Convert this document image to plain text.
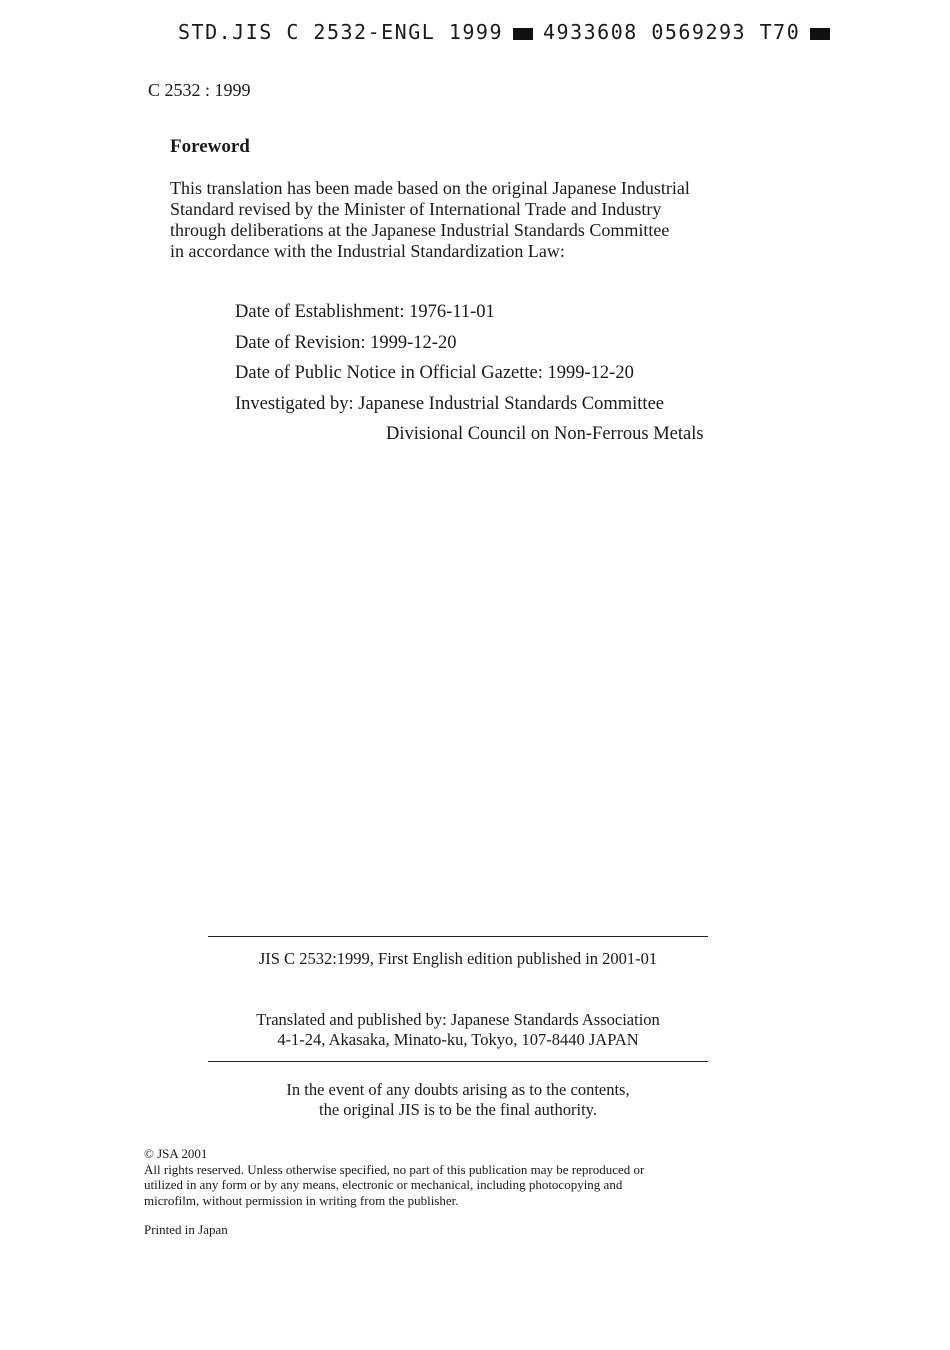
STD.JIS C 2532-ENGL 1999 4933608 0569293 T70
C 2532 : 1999
Foreword
This translation has been made based on the original Japanese Industrial
Standard revised by the Minister of International Trade and Industry
through deliberations at the Japanese Industrial Standards Committee
in accordance with the Industrial Standardization Law:
Date of Establishment: 1976-11-01
Date of Revision: 1999-12-20
Date of Public Notice in Official Gazette: 1999-12-20
Investigated by: Japanese Industrial Standards Committee
Divisional Council on Non-Ferrous Metals
JIS C 2532:1999, First English edition published in 2001-01
Translated and published by: Japanese Standards Association
4-1-24, Akasaka, Minato-ku, Tokyo, 107-8440 JAPAN
In the event of any doubts arising as to the contents,
the original JIS is to be the final authority.
© JSA 2001
All rights reserved. Unless otherwise specified, no part of this publication may be reproduced or
utilized in any form or by any means, electronic or mechanical, including photocopying and
microfilm, without permission in writing from the publisher.
Printed in Japan
